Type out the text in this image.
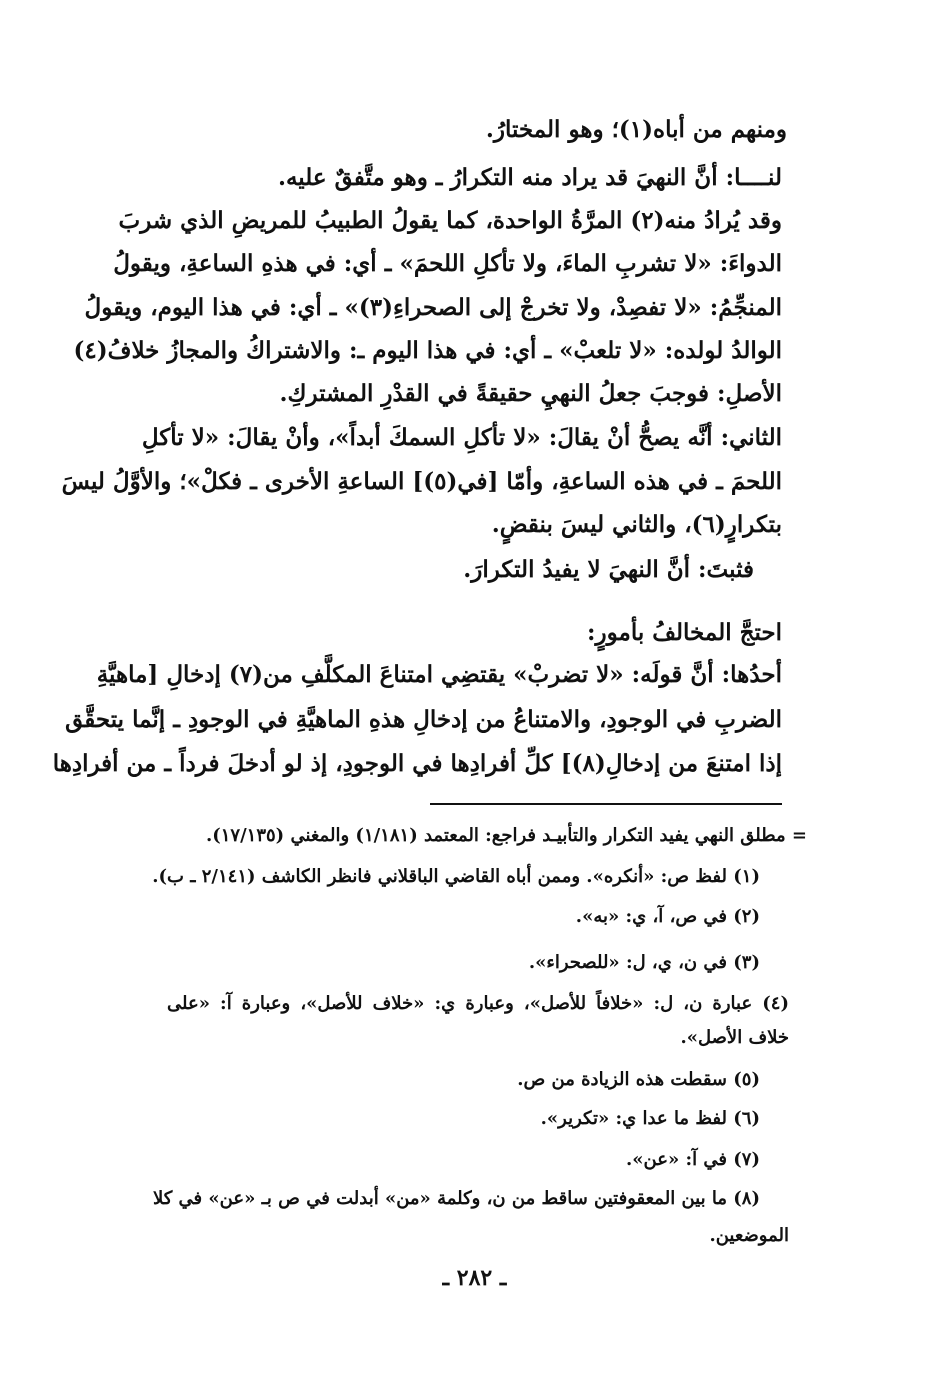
ومنهم من أباه(١)؛ وهو المختارُ.
لنــــا: أنَّ النهيَ قد يراد منه التكرارُ ـ وهو متَّفقٌ عليه.
وقد يُرادُ منه(٢) المرَّةُ الواحدة، كما يقولُ الطبيبُ للمريضِ الذي شربَ
الدواءَ: «لا تشربِ الماءَ، ولا تأكلِ اللحمَ» ـ أي: في هذهِ الساعةِ، ويقولُ
المنجِّمُ: «لا تفصِدْ، ولا تخرجْ إلى الصحراءِ(٣)» ـ أي: في هذا اليوم، ويقولُ
الوالدُ لولده: «لا تلعبْ» ـ أي: في هذا اليوم ـ: والاشتراكُ والمجازُ خلافُ(٤)
الأصلِ: فوجبَ جعلُ النهيِ حقيقةً في القدْرِ المشتركِ.
الثاني: أنَّه يصحُّ أنْ يقالَ: «لا تأكلِ السمكَ أبداً»، وأنْ يقالَ: «لا تأكلِ
اللحمَ ـ في هذه الساعةِ، وأمّا [في(٥)] الساعةِ الأخرى ـ فكلْ»؛ والأوَّلُ ليسَ
بتكرارٍ(٦)، والثاني ليسَ بنقضٍ.
فثبتَ: أنَّ النهيَ لا يفيدُ التكرارَ.
احتجَّ المخالفُ بأمورٍ:
أحدُها: أنَّ قولَه: «لا تضربْ» يقتضِي امتناعَ المكلَّفِ من(٧) إدخالِ [ماهيَّةِ
الضربِ في الوجودِ، والامتناعُ من إدخالِ هذهِ الماهيَّةِ في الوجودِ ـ إنَّما يتحقَّق
إذا امتنعَ من إدخالِ(٨)] كلِّ أفرادِها في الوجودِ، إذ لو أدخلَ فرداً ـ من أفرادِها
= مطلق النهي يفيد التكرار والتأبيـد فراجع: المعتمد (١/١٨١) والمغني (١٧/١٣٥).
(١) لفظ ص: «أنكره». وممن أباه القاضي الباقلاني فانظر الكاشف (٢/١٤١ ـ ب).
(٢) في ص، آ، ي: «به».
(٣) في ن، ي، ل: «للصحراء».
(٤) عبارة ن، ل: «خلافاً للأصل»، وعبارة ي: «خلاف للأصل»، وعبارة آ: «على
خلاف الأصل».
(٥) سقطت هذه الزيادة من ص.
(٦) لفظ ما عدا ي: «تكرير».
(٧) في آ: «عن».
(٨) ما بين المعقوفتين ساقط من ن، وكلمة «من» أبدلت في ص بـ «عن» في كلا
الموضعين.
ـ ٢٨٢ ـ
